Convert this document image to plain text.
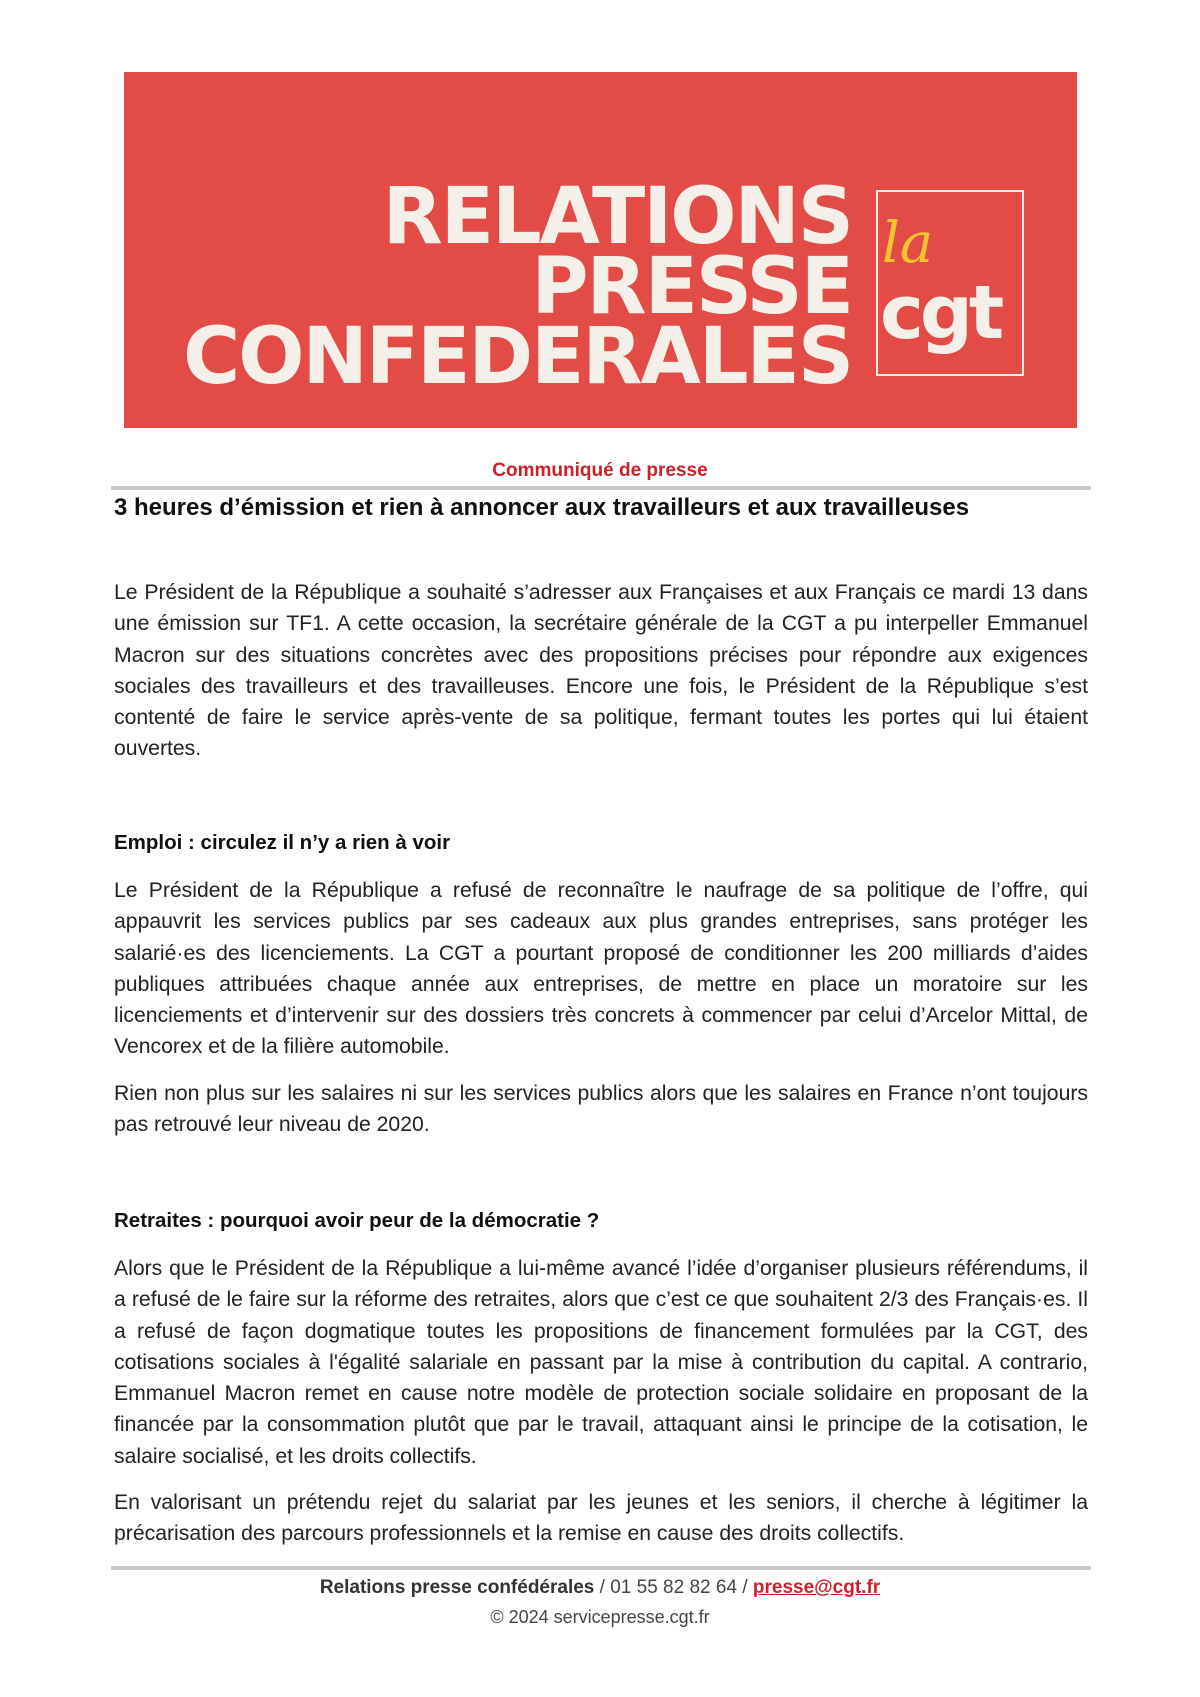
RELATIONS
PRESSE
CONFEDERALES
la
cgt
Communiqué de presse
3 heures d’émission et rien à annoncer aux travailleurs et aux travailleuses

Le Président de la République a souhaité s’adresser aux Françaises et aux Français ce mardi 13 dans une émission sur TF1. A cette occasion, la secrétaire générale de la CGT a pu interpeller Emmanuel Macron sur des situations concrètes avec des propositions précises pour répondre aux exigences sociales des travailleurs et des travailleuses. Encore une fois, le Président de la République s’est contenté de faire le service après-vente de sa politique, fermant toutes les portes qui lui étaient ouvertes.

Emploi : circulez il n’y a rien à voir

Le Président de la République a refusé de reconnaître le naufrage de sa politique de l’offre, qui appauvrit les services publics par ses cadeaux aux plus grandes entreprises, sans protéger les salarié·es des licenciements. La CGT a pourtant proposé de conditionner les 200 milliards d’aides publiques attribuées chaque année aux entreprises, de mettre en place un moratoire sur les licenciements et d’intervenir sur des dossiers très concrets à commencer par celui d’Arcelor Mittal, de Vencorex et de la filière automobile.

Rien non plus sur les salaires ni sur les services publics alors que les salaires en France n’ont toujours pas retrouvé leur niveau de 2020.

Retraites : pourquoi avoir peur de la démocratie ?

Alors que le Président de la République a lui-même avancé l’idée d’organiser plusieurs référendums, il a refusé de le faire sur la réforme des retraites, alors que c’est ce que souhaitent 2/3 des Français·es. Il a refusé de façon dogmatique toutes les propositions de financement formulées par la CGT, des cotisations sociales à l'égalité salariale en passant par la mise à contribution du capital. A contrario, Emmanuel Macron remet en cause notre modèle de protection sociale solidaire en proposant de la financée par la consommation plutôt que par le travail, attaquant ainsi le principe de la cotisation, le salaire socialisé, et les droits collectifs.

En valorisant un prétendu rejet du salariat par les jeunes et les seniors, il cherche à légitimer la précarisation des parcours professionnels et la remise en cause des droits collectifs.

Relations presse confédérales / 01 55 82 82 64 / presse@cgt.fr
© 2024 servicepresse.cgt.fr
